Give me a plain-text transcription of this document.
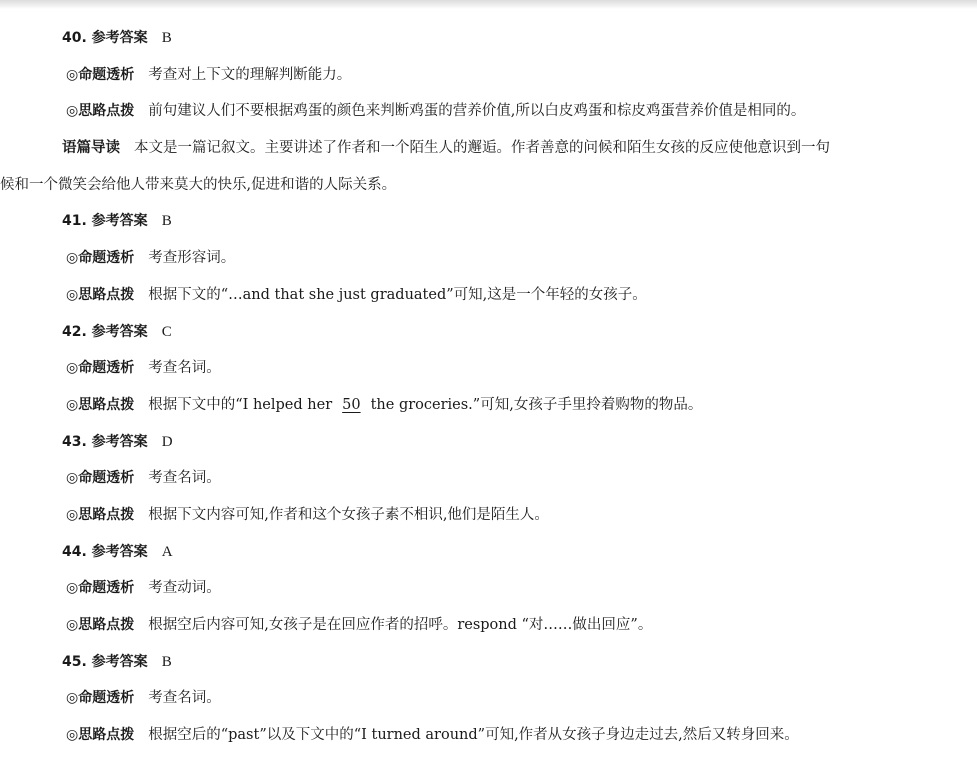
40. 参考答案 B
◎命题透析 考查对上下文的理解判断能力。
◎思路点拨 前句建议人们不要根据鸡蛋的颜色来判断鸡蛋的营养价值,所以白皮鸡蛋和棕皮鸡蛋营养价值是相同的。
语篇导读 本文是一篇记叙文。主要讲述了作者和一个陌生人的邂逅。作者善意的问候和陌生女孩的反应使他意识到一句
候和一个微笑会给他人带来莫大的快乐,促进和谐的人际关系。
41. 参考答案 B
◎命题透析 考查形容词。
◎思路点拨 根据下文的“…and that she just graduated”可知,这是一个年轻的女孩子。
42. 参考答案 C
◎命题透析 考查名词。
◎思路点拨 根据下文中的“I helped her 50 the groceries.”可知,女孩子手里拎着购物的物品。
43. 参考答案 D
◎命题透析 考查名词。
◎思路点拨 根据下文内容可知,作者和这个女孩子素不相识,他们是陌生人。
44. 参考答案 A
◎命题透析 考查动词。
◎思路点拨 根据空后内容可知,女孩子是在回应作者的招呼。respond “对……做出回应”。
45. 参考答案 B
◎命题透析 考查名词。
◎思路点拨 根据空后的“past”以及下文中的“I turned around”可知,作者从女孩子身边走过去,然后又转身回来。
